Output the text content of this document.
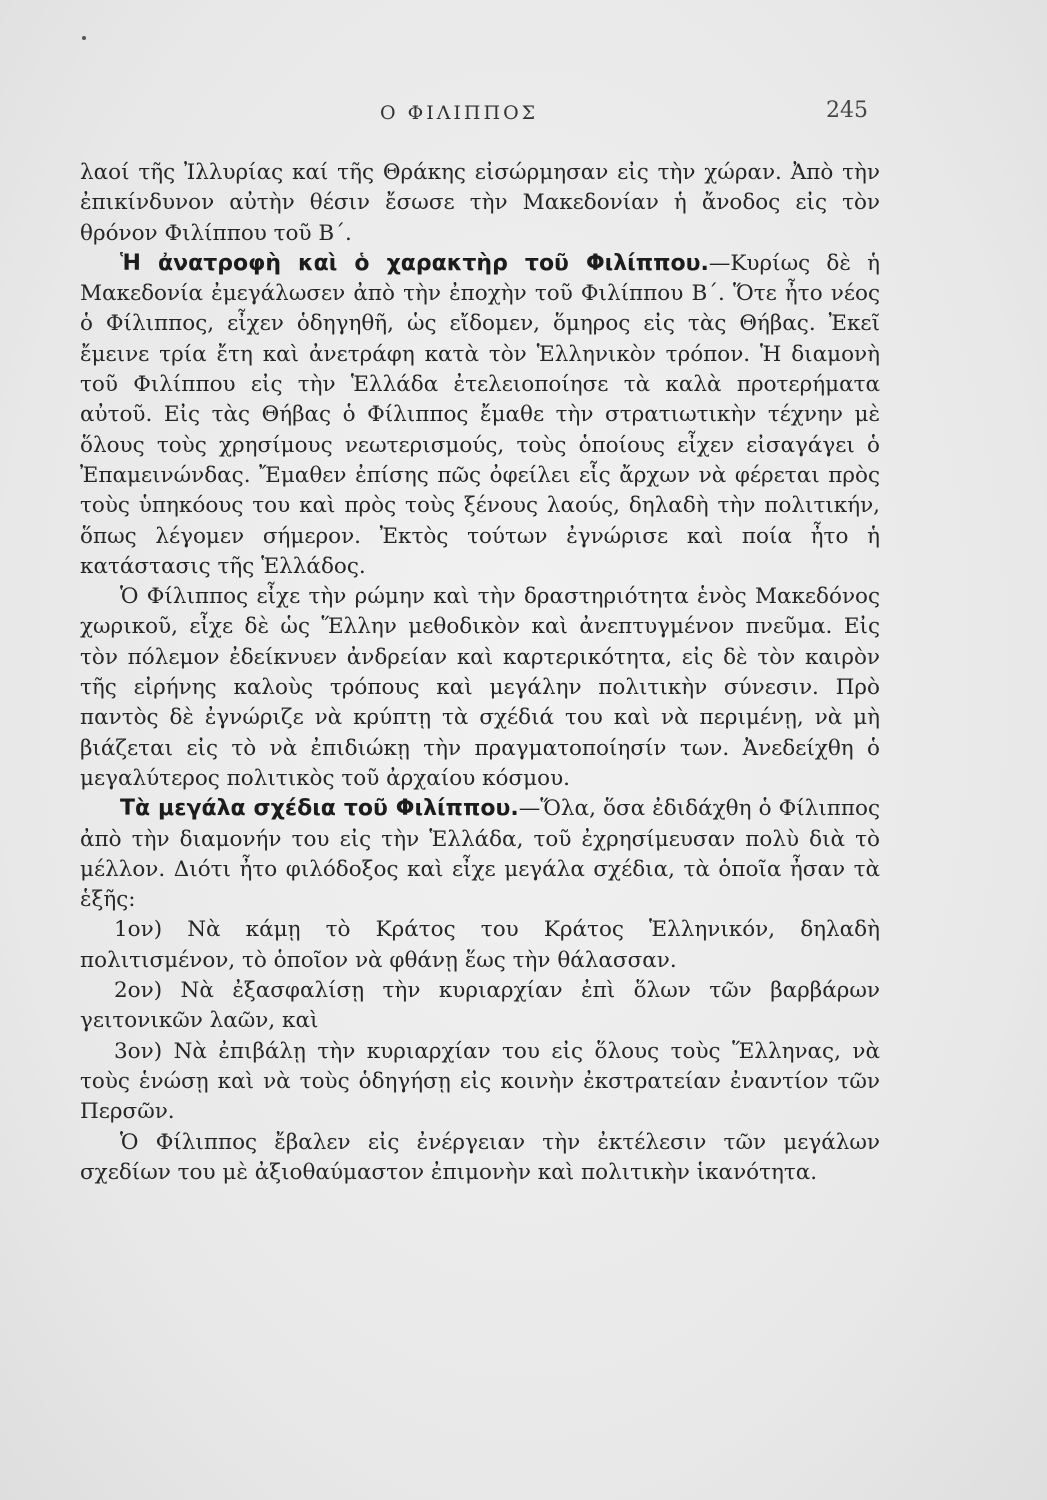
Ο ΦΙΛΙΠΠΟΣ	245

λαοί τῆς Ἰλλυρίας καί τῆς Θράκης εἰσώρμησαν εἰς τὴν χώραν. Ἀπὸ τὴν ἐπικίνδυνον αὐτὴν θέσιν ἔσωσε τὴν Μακεδονίαν ἡ ἄνοδος εἰς τὸν θρόνον Φιλίππου τοῦ Β΄.

Ἡ ἀνατροφὴ καὶ ὁ χαρακτὴρ τοῦ Φιλίππου.—Κυρίως δὲ ἡ Μακεδονία ἐμεγάλωσεν ἀπὸ τὴν ἐποχὴν τοῦ Φιλίππου Β΄. Ὅτε ἦτο νέος ὁ Φίλιππος, εἶχεν ὁδηγηθῆ, ὡς εἴδομεν, ὅμηρος εἰς τὰς Θήβας. Ἐκεῖ ἔμεινε τρία ἔτη καὶ ἀνετράφη κατὰ τὸν Ἑλληνικὸν τρόπον. Ἡ διαμονὴ τοῦ Φιλίππου εἰς τὴν Ἑλλάδα ἐτελειοποίησε τὰ καλὰ προτερήματα αὐτοῦ. Εἰς τὰς Θήβας ὁ Φίλιππος ἔμαθε τὴν στρατιωτικὴν τέχνην μὲ ὅλους τοὺς χρησίμους νεωτερισμούς, τοὺς ὁποίους εἶχεν εἰσαγάγει ὁ Ἐπαμεινώνδας. Ἔμαθεν ἐπίσης πῶς ὀφείλει εἷς ἄρχων νὰ φέρεται πρὸς τοὺς ὑπηκόους του καὶ πρὸς τοὺς ξένους λαούς, δηλαδὴ τὴν πολιτικήν, ὅπως λέγομεν σήμερον. Ἐκτὸς τούτων ἐγνώρισε καὶ ποία ἦτο ἡ κατάστασις τῆς Ἑλλάδος.

Ὁ Φίλιππος εἶχε τὴν ρώμην καὶ τὴν δραστηριότητα ἑνὸς Μακεδόνος χωρικοῦ, εἶχε δὲ ὡς Ἕλλην μεθοδικὸν καὶ ἀνεπτυγμένον πνεῦμα. Εἰς τὸν πόλεμον ἐδείκνυεν ἀνδρείαν καὶ καρτερικότητα, εἰς δὲ τὸν καιρὸν τῆς εἰρήνης καλοὺς τρόπους καὶ μεγάλην πολιτικὴν σύνεσιν. Πρὸ παντὸς δὲ ἐγνώριζε νὰ κρύπτῃ τὰ σχέδιά του καὶ νὰ περιμένῃ, νὰ μὴ βιάζεται εἰς τὸ νὰ ἐπιδιώκῃ τὴν πραγματοποίησίν των. Ἀνεδείχθη ὁ μεγαλύτερος πολιτικὸς τοῦ ἀρχαίου κόσμου.

Τὰ μεγάλα σχέδια τοῦ Φιλίππου.—Ὅλα, ὅσα ἐδιδάχθη ὁ Φίλιππος ἀπὸ τὴν διαμονήν του εἰς τὴν Ἑλλάδα, τοῦ ἐχρησίμευσαν πολὺ διὰ τὸ μέλλον. Διότι ἦτο φιλόδοξος καὶ εἶχε μεγάλα σχέδια, τὰ ὁποῖα ἦσαν τὰ ἑξῆς:

1ον) Νὰ κάμῃ τὸ Κράτος του Κράτος Ἑλληνικόν, δηλαδὴ πολιτισμένον, τὸ ὁποῖον νὰ φθάνῃ ἕως τὴν θάλασσαν.

2ον) Νὰ ἐξασφαλίσῃ τὴν κυριαρχίαν ἐπὶ ὅλων τῶν βαρβάρων γειτονικῶν λαῶν, καὶ

3ον) Νὰ ἐπιβάλῃ τὴν κυριαρχίαν του εἰς ὅλους τοὺς Ἕλληνας, νὰ τοὺς ἑνώσῃ καὶ νὰ τοὺς ὁδηγήσῃ εἰς κοινὴν ἐκστρατείαν ἐναντίον τῶν Περσῶν.

Ὁ Φίλιππος ἔβαλεν εἰς ἐνέργειαν τὴν ἐκτέλεσιν τῶν μεγάλων σχεδίων του μὲ ἀξιοθαύμαστον ἐπιμονὴν καὶ πολιτικὴν ἱκανότητα.
